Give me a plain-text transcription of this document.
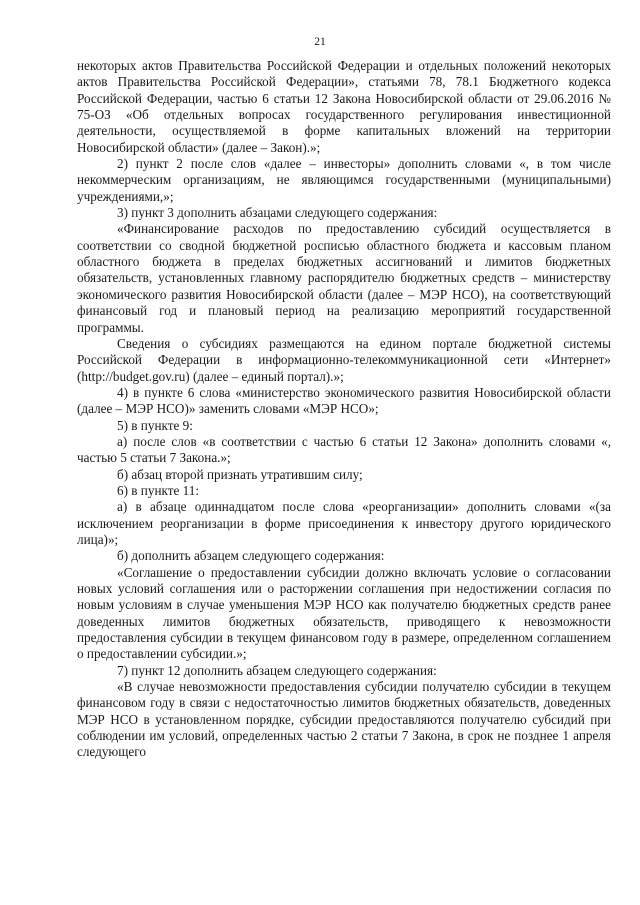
21

некоторых актов Правительства Российской Федерации и отдельных положений некоторых актов Правительства Российской Федерации», статьями 78, 78.1 Бюджетного кодекса Российской Федерации, частью 6 статьи 12 Закона Новосибирской области от 29.06.2016 № 75-ОЗ «Об отдельных вопросах государственного регулирования инвестиционной деятельности, осуществляемой в форме капитальных вложений на территории Новосибирской области» (далее – Закон).»;

2) пункт 2 после слов «далее – инвесторы» дополнить словами «, в том числе некоммерческим организациям, не являющимся государственными (муниципальными) учреждениями,»;

3) пункт 3 дополнить абзацами следующего содержания:

«Финансирование расходов по предоставлению субсидий осуществляется в соответствии со сводной бюджетной росписью областного бюджета и кассовым планом областного бюджета в пределах бюджетных ассигнований и лимитов бюджетных обязательств, установленных главному распорядителю бюджетных средств – министерству экономического развития Новосибирской области (далее – МЭР НСО), на соответствующий финансовый год и плановый период на реализацию мероприятий государственной программы.

Сведения о субсидиях размещаются на едином портале бюджетной системы Российской Федерации в информационно-телекоммуникационной сети «Интернет» (http://budget.gov.ru) (далее – единый портал).»;

4) в пункте 6 слова «министерство экономического развития Новосибирской области (далее – МЭР НСО)» заменить словами «МЭР НСО»;

5) в пункте 9:

а) после слов «в соответствии с частью 6 статьи 12 Закона» дополнить словами «, частью 5 статьи 7 Закона.»;

б) абзац второй признать утратившим силу;

6) в пункте 11:

а) в абзаце одиннадцатом после слова «реорганизации» дополнить словами «(за исключением реорганизации в форме присоединения к инвестору другого юридического лица)»;

б) дополнить абзацем следующего содержания:

«Соглашение о предоставлении субсидии должно включать условие о согласовании новых условий соглашения или о расторжении соглашения при недостижении согласия по новым условиям в случае уменьшения МЭР НСО как получателю бюджетных средств ранее доведенных лимитов бюджетных обязательств, приводящего к невозможности предоставления субсидии в текущем финансовом году в размере, определенном соглашением о предоставлении субсидии.»;

7) пункт 12 дополнить абзацем следующего содержания:

«В случае невозможности предоставления субсидии получателю субсидии в текущем финансовом году в связи с недостаточностью лимитов бюджетных обязательств, доведенных МЭР НСО в установленном порядке, субсидии предоставляются получателю субсидий при соблюдении им условий, определенных частью 2 статьи 7 Закона, в срок не позднее 1 апреля следующего
